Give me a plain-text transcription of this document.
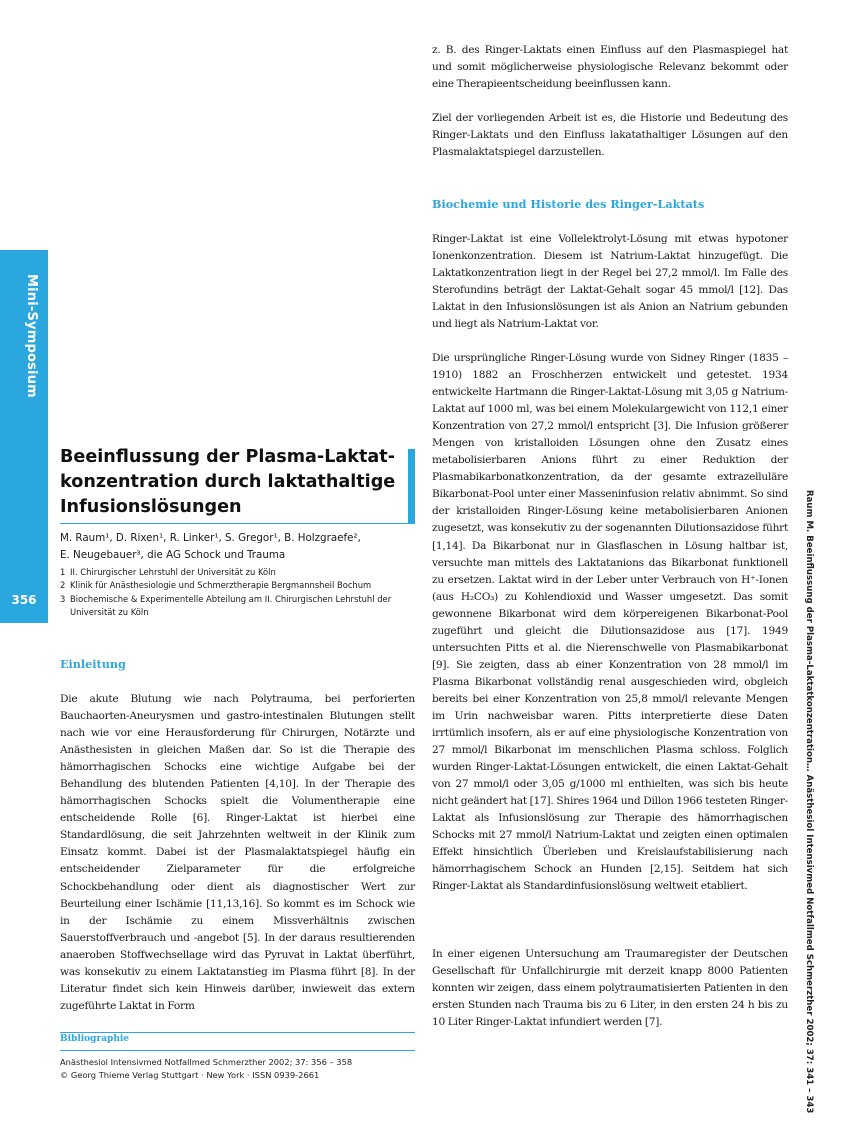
Mini-Symposium
356	Raum M. Beeinflussung der Plasma-Laktatkonzentration… Anästhesiol Intensivmed Notfallmed Schmerzther 2002; 37: 341 – 343
Beeinflussung der Plasma-Laktat-
konzentration durch laktathaltige
Infusionslösungen
M. Raum¹, D. Rixen¹, R. Linker¹, S. Gregor¹, B. Holzgraefe²,
E. Neugebauer³, die AG Schock und Trauma
1 II. Chirurgischer Lehrstuhl der Universität zu Köln
2 Klinik für Anästhesiologie und Schmerztherapie Bergmannsheil Bochum
3 Biochemische & Experimentelle Abteilung am II. Chirurgischen Lehrstuhl der Universität zu Köln
Einleitung

Die akute Blutung wie nach Polytrauma, bei perforierten Bauchaorten-Aneurysmen und gastro-intestinalen Blutungen stellt nach wie vor eine Herausforderung für Chirurgen, Notärzte und Anästhesisten in gleichen Maßen dar. So ist die Therapie des hämorrhagischen Schocks eine wichtige Aufgabe bei der Behandlung des blutenden Patienten [4,10]. In der Therapie des hämorrhagischen Schocks spielt die Volumentherapie eine entscheidende Rolle [6]. Ringer-Laktat ist hierbei eine Standardlösung, die seit Jahrzehnten weltweit in der Klinik zum Einsatz kommt. Dabei ist der Plasmalaktatspiegel häufig ein entscheidender Zielparameter für die erfolgreiche Schockbehandlung oder dient als diagnostischer Wert zur Beurteilung einer Ischämie [11,13,16]. So kommt es im Schock wie in der Ischämie zu einem Missverhältnis zwischen Sauerstoffverbrauch und -angebot [5]. In der daraus resultierenden anaeroben Stoffwechsellage wird das Pyruvat in Laktat überführt, was konsekutiv zu einem Laktatanstieg im Plasma führt [8]. In der Literatur findet sich kein Hinweis darüber, inwieweit das extern zugeführte Laktat in Form

Bibliographie
Anästhesiol Intensivmed Notfallmed Schmerzther 2002; 37: 356 – 358
© Georg Thieme Verlag Stuttgart · New York · ISSN 0939-2661

z. B. des Ringer-Laktats einen Einfluss auf den Plasmaspiegel hat und somit möglicherweise physiologische Relevanz bekommt oder eine Therapieentscheidung beeinflussen kann.

Ziel der vorliegenden Arbeit ist es, die Historie und Bedeutung des Ringer-Laktats und den Einfluss lakatathaltiger Lösungen auf den Plasmalaktatspiegel darzustellen.

Biochemie und Historie des Ringer-Laktats

Ringer-Laktat ist eine Vollelektrolyt-Lösung mit etwas hypotoner Ionenkonzentration. Diesem ist Natrium-Laktat hinzugefügt. Die Laktatkonzentration liegt in der Regel bei 27,2 mmol/l. Im Falle des Sterofundins beträgt der Laktat-Gehalt sogar 45 mmol/l [12]. Das Laktat in den Infusionslösungen ist als Anion an Natrium gebunden und liegt als Natrium-Laktat vor.

Die ursprüngliche Ringer-Lösung wurde von Sidney Ringer (1835 – 1910) 1882 an Froschherzen entwickelt und getestet. 1934 entwickelte Hartmann die Ringer-Laktat-Lösung mit 3,05 g Natrium-Laktat auf 1000 ml, was bei einem Molekulargewicht von 112,1 einer Konzentration von 27,2 mmol/l entspricht [3]. Die Infusion größerer Mengen von kristalloiden Lösungen ohne den Zusatz eines metabolisierbaren Anions führt zu einer Reduktion der Plasmabikarbonatkonzentration, da der gesamte extrazelluläre Bikarbonat-Pool unter einer Masseninfusion relativ abnimmt. So sind der kristalloiden Ringer-Lösung keine metabolisierbaren Anionen zugesetzt, was konsekutiv zu der sogenannten Dilutionsazidose führt [1,14]. Da Bikarbonat nur in Glasflaschen in Lösung haltbar ist, versuchte man mittels des Laktatanions das Bikarbonat funktionell zu ersetzen. Laktat wird in der Leber unter Verbrauch von H⁺-Ionen (aus H₂CO₃) zu Kohlendioxid und Wasser umgesetzt. Das somit gewonnene Bikarbonat wird dem körpereigenen Bikarbonat-Pool zugeführt und gleicht die Dilutionsazidose aus [17]. 1949 untersuchten Pitts et al. die Nierenschwelle von Plasmabikarbonat [9]. Sie zeigten, dass ab einer Konzentration von 28 mmol/l im Plasma Bikarbonat vollständig renal ausgeschieden wird, obgleich bereits bei einer Konzentration von 25,8 mmol/l relevante Mengen im Urin nachweisbar waren. Pitts interpretierte diese Daten irrtümlich insofern, als er auf eine physiologische Konzentration von 27 mmol/l Bikarbonat im menschlichen Plasma schloss. Folglich wurden Ringer-Laktat-Lösungen entwickelt, die einen Laktat-Gehalt von 27 mmol/l oder 3,05 g/1000 ml enthielten, was sich bis heute nicht geändert hat [17]. Shires 1964 und Dillon 1966 testeten Ringer-Laktat als Infusionslösung zur Therapie des hämorrhagischen Schocks mit 27 mmol/l Natrium-Laktat und zeigten einen optimalen Effekt hinsichtlich Überleben und Kreislaufstabilisierung nach hämorrhagischem Schock an Hunden [2,15]. Seitdem hat sich Ringer-Laktat als Standardinfusionslösung weltweit etabliert.

In einer eigenen Untersuchung am Traumaregister der Deutschen Gesellschaft für Unfallchirurgie mit derzeit knapp 8000 Patienten konnten wir zeigen, dass einem polytraumatisierten Patienten in den ersten Stunden nach Trauma bis zu 6 Liter, in den ersten 24 h bis zu 10 Liter Ringer-Laktat infundiert werden [7].
